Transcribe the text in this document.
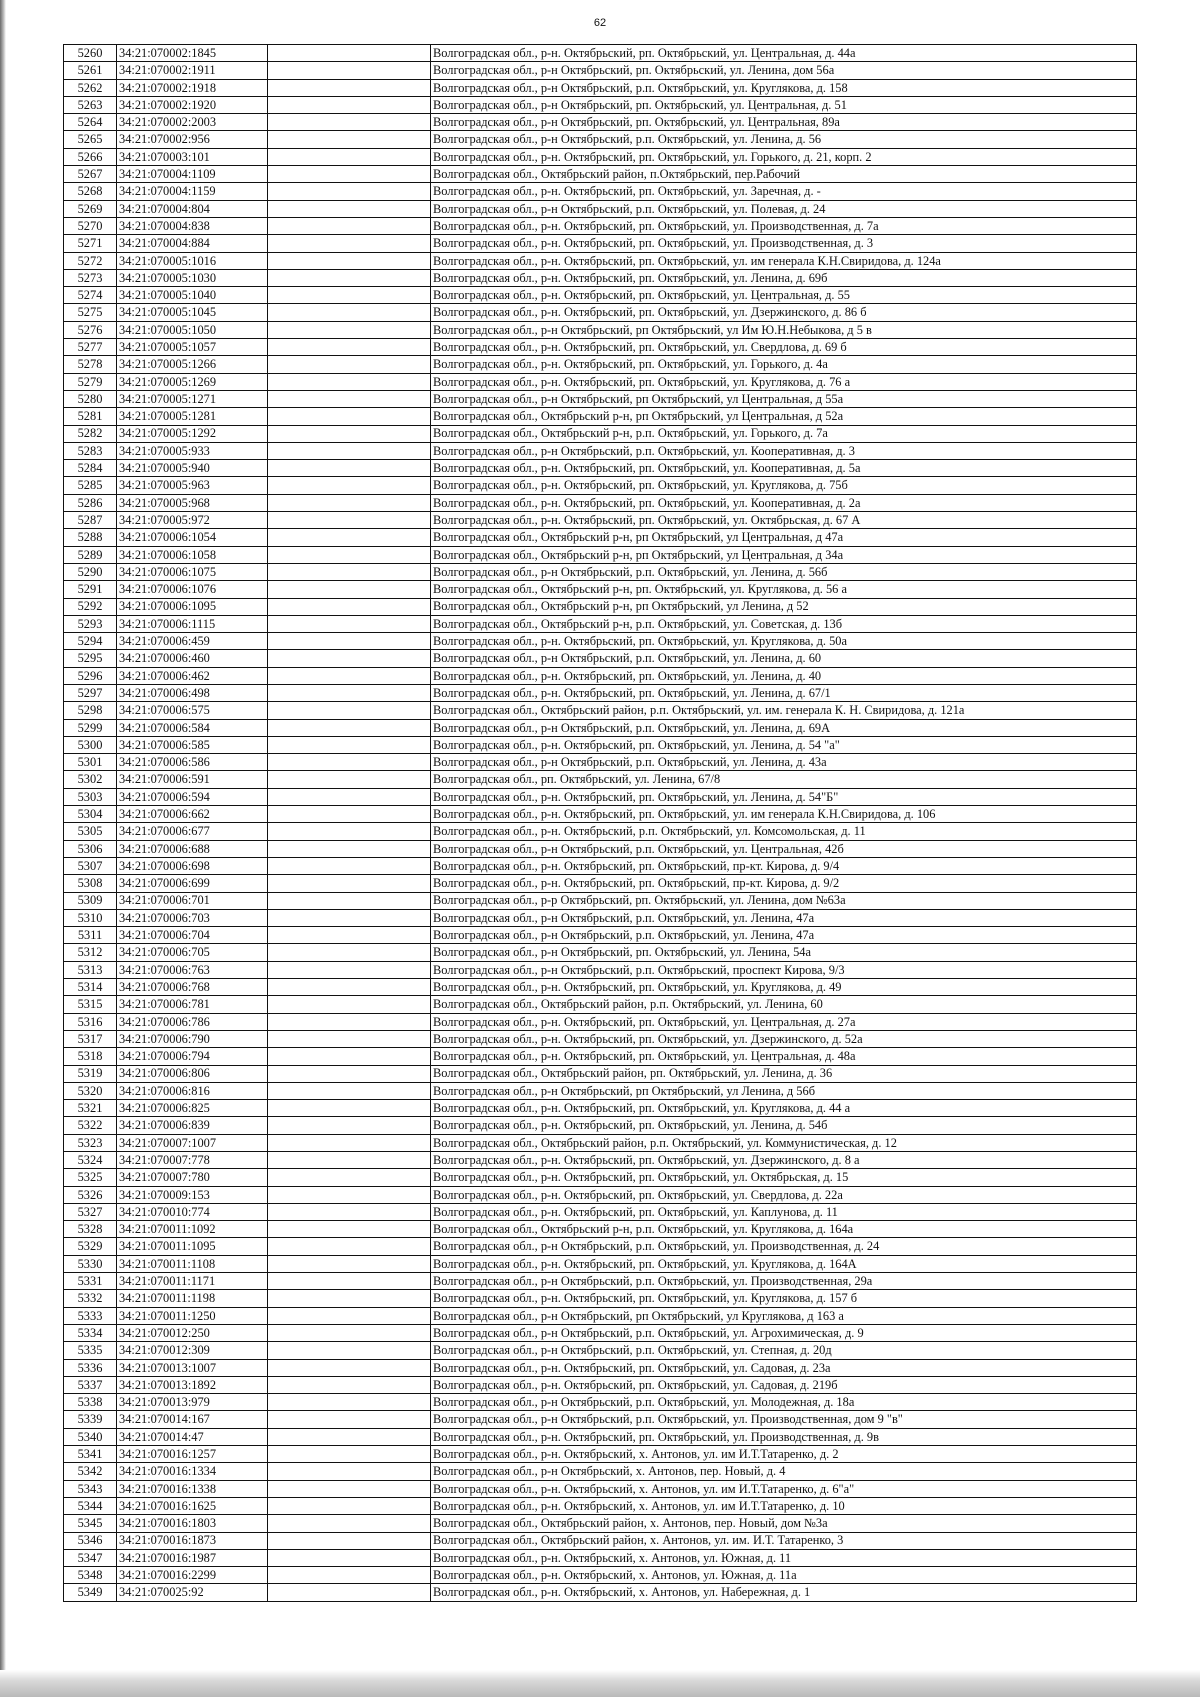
62
5260	34:21:070002:1845		Волгоградская обл., р-н. Октябрьский, рп. Октябрьский, ул. Центральная, д. 44а
5261	34:21:070002:1911		Волгоградская обл., р-н Октябрьский, рп. Октябрьский, ул. Ленина, дом 56а
5262	34:21:070002:1918		Волгоградская обл., р-н Октябрьский, р.п. Октябрьский, ул. Круглякова, д. 158
5263	34:21:070002:1920		Волгоградская обл., р-н Октябрьский, рп. Октябрьский, ул. Центральная, д. 51
5264	34:21:070002:2003		Волгоградская обл., р-н Октябрьский, рп. Октябрьский, ул. Центральная, 89а
5265	34:21:070002:956		Волгоградская обл., р-н Октябрьский, р.п. Октябрьский, ул. Ленина, д. 56
5266	34:21:070003:101		Волгоградская обл., р-н. Октябрьский, рп. Октябрьский, ул. Горького, д. 21, корп. 2
5267	34:21:070004:1109		Волгоградская обл., Октябрьский район, п.Октябрьский, пер.Рабочий
5268	34:21:070004:1159		Волгоградская обл., р-н. Октябрьский, рп. Октябрьский, ул. Заречная, д. -
5269	34:21:070004:804		Волгоградская обл., р-н Октябрьский, р.п. Октябрьский, ул. Полевая, д. 24
5270	34:21:070004:838		Волгоградская обл., р-н. Октябрьский, рп. Октябрьский, ул. Производственная, д. 7а
5271	34:21:070004:884		Волгоградская обл., р-н. Октябрьский, рп. Октябрьский, ул. Производственная, д. 3
5272	34:21:070005:1016		Волгоградская обл., р-н. Октябрьский, рп. Октябрьский, ул. им генерала К.Н.Свиридова, д. 124а
5273	34:21:070005:1030		Волгоградская обл., р-н. Октябрьский, рп. Октябрьский, ул. Ленина, д. 69б
5274	34:21:070005:1040		Волгоградская обл., р-н. Октябрьский, рп. Октябрьский, ул. Центральная, д. 55
5275	34:21:070005:1045		Волгоградская обл., р-н. Октябрьский, рп. Октябрьский, ул. Дзержинского, д. 86 б
5276	34:21:070005:1050		Волгоградская обл., р-н Октябрьский, рп Октябрьский, ул Им Ю.Н.Небыкова, д 5 в
5277	34:21:070005:1057		Волгоградская обл., р-н. Октябрьский, рп. Октябрьский, ул. Свердлова, д. 69 б
5278	34:21:070005:1266		Волгоградская обл., р-н. Октябрьский, рп. Октябрьский, ул. Горького, д. 4а
5279	34:21:070005:1269		Волгоградская обл., р-н. Октябрьский, рп. Октябрьский, ул. Круглякова, д. 76 а
5280	34:21:070005:1271		Волгоградская обл., р-н Октябрьский, рп Октябрьский, ул Центральная, д 55а
5281	34:21:070005:1281		Волгоградская обл., Октябрьский р-н, рп Октябрьский, ул Центральная, д 52а
5282	34:21:070005:1292		Волгоградская обл., Октябрьский р-н, р.п. Октябрьский, ул. Горького, д. 7а
5283	34:21:070005:933		Волгоградская обл., р-н Октябрьский, р.п. Октябрьский, ул. Кооперативная, д. 3
5284	34:21:070005:940		Волгоградская обл., р-н. Октябрьский, рп. Октябрьский, ул. Кооперативная, д. 5а
5285	34:21:070005:963		Волгоградская обл., р-н. Октябрьский, рп. Октябрьский, ул. Круглякова, д. 75б
5286	34:21:070005:968		Волгоградская обл., р-н. Октябрьский, рп. Октябрьский, ул. Кооперативная, д. 2а
5287	34:21:070005:972		Волгоградская обл., р-н. Октябрьский, рп. Октябрьский, ул. Октябрьская, д. 67 А
5288	34:21:070006:1054		Волгоградская обл., Октябрьский р-н, рп Октябрьский, ул Центральная, д 47а
5289	34:21:070006:1058		Волгоградская обл., Октябрьский р-н, рп Октябрьский, ул Центральная, д 34а
5290	34:21:070006:1075		Волгоградская обл., р-н Октябрьский, р.п. Октябрьский, ул. Ленина, д. 56б
5291	34:21:070006:1076		Волгоградская обл., Октябрьский р-н, рп. Октябрьский, ул. Круглякова, д. 56 а
5292	34:21:070006:1095		Волгоградская обл., Октябрьский р-н, рп Октябрьский, ул Ленина, д 52
5293	34:21:070006:1115		Волгоградская обл., Октябрьский р-н, р.п. Октябрьский, ул. Советская, д. 13б
5294	34:21:070006:459		Волгоградская обл., р-н. Октябрьский, рп. Октябрьский, ул. Круглякова, д. 50а
5295	34:21:070006:460		Волгоградская обл., р-н Октябрьский, р.п. Октябрьский, ул. Ленина, д. 60
5296	34:21:070006:462		Волгоградская обл., р-н. Октябрьский, рп. Октябрьский, ул. Ленина, д. 40
5297	34:21:070006:498		Волгоградская обл., р-н. Октябрьский, рп. Октябрьский, ул. Ленина, д. 67/1
5298	34:21:070006:575		Волгоградская обл., Октябрьский район, р.п. Октябрьский, ул. им. генерала К. Н. Свиридова, д. 121а
5299	34:21:070006:584		Волгоградская обл., р-н Октябрьский, р.п. Октябрьский, ул. Ленина, д. 69А
5300	34:21:070006:585		Волгоградская обл., р-н. Октябрьский, рп. Октябрьский, ул. Ленина, д. 54 "а"
5301	34:21:070006:586		Волгоградская обл., р-н Октябрьский, р.п. Октябрьский, ул. Ленина, д. 43а
5302	34:21:070006:591		Волгоградская обл., рп. Октябрьский, ул. Ленина, 67/8
5303	34:21:070006:594		Волгоградская обл., р-н. Октябрьский, рп. Октябрьский, ул. Ленина, д. 54"Б"
5304	34:21:070006:662		Волгоградская обл., р-н. Октябрьский, рп. Октябрьский, ул. им генерала К.Н.Свиридова, д. 106
5305	34:21:070006:677		Волгоградская обл., р-н. Октябрьский, р.п. Октябрьский, ул. Комсомольская, д. 11
5306	34:21:070006:688		Волгоградская обл., р-н Октябрьский, р.п. Октябрьский, ул. Центральная, 42б
5307	34:21:070006:698		Волгоградская обл., р-н. Октябрьский, рп. Октябрьский, пр-кт. Кирова, д. 9/4
5308	34:21:070006:699		Волгоградская обл., р-н. Октябрьский, рп. Октябрьский, пр-кт. Кирова, д. 9/2
5309	34:21:070006:701		Волгоградская обл., р-р Октябрьский, рп. Октябрьский, ул. Ленина, дом №63а
5310	34:21:070006:703		Волгоградская обл., р-н Октябрьский, р.п. Октябрьский, ул. Ленина, 47а
5311	34:21:070006:704		Волгоградская обл., р-н Октябрьский, р.п. Октябрьский, ул. Ленина, 47а
5312	34:21:070006:705		Волгоградская обл., р-н Октябрьский, рп. Октябрьский, ул. Ленина, 54а
5313	34:21:070006:763		Волгоградская обл., р-н Октябрьский, р.п. Октябрьский, проспект Кирова, 9/3
5314	34:21:070006:768		Волгоградская обл., р-н. Октябрьский, рп. Октябрьский, ул. Круглякова, д. 49
5315	34:21:070006:781		Волгоградская обл., Октябрьский район, р.п. Октябрьский, ул. Ленина, 60
5316	34:21:070006:786		Волгоградская обл., р-н. Октябрьский, рп. Октябрьский, ул. Центральная, д. 27а
5317	34:21:070006:790		Волгоградская обл., р-н. Октябрьский, рп. Октябрьский, ул. Дзержинского, д. 52а
5318	34:21:070006:794		Волгоградская обл., р-н. Октябрьский, рп. Октябрьский, ул. Центральная, д. 48а
5319	34:21:070006:806		Волгоградская обл., Октябрьский район, рп. Октябрьский, ул. Ленина, д. 36
5320	34:21:070006:816		Волгоградская обл., р-н Октябрьский, рп Октябрьский, ул Ленина, д 56б
5321	34:21:070006:825		Волгоградская обл., р-н. Октябрьский, рп. Октябрьский, ул. Круглякова, д. 44 а
5322	34:21:070006:839		Волгоградская обл., р-н. Октябрьский, рп. Октябрьский, ул. Ленина, д. 54б
5323	34:21:070007:1007		Волгоградская обл., Октябрьский район, р.п. Октябрьский, ул. Коммунистическая, д. 12
5324	34:21:070007:778		Волгоградская обл., р-н. Октябрьский, рп. Октябрьский, ул. Дзержинского, д. 8 а
5325	34:21:070007:780		Волгоградская обл., р-н. Октябрьский, рп. Октябрьский, ул. Октябрьская, д. 15
5326	34:21:070009:153		Волгоградская обл., р-н. Октябрьский, рп. Октябрьский, ул. Свердлова, д. 22а
5327	34:21:070010:774		Волгоградская обл., р-н. Октябрьский, рп. Октябрьский, ул. Каплунова, д. 11
5328	34:21:070011:1092		Волгоградская обл., Октябрьский р-н, р.п. Октябрьский, ул. Круглякова, д. 164а
5329	34:21:070011:1095		Волгоградская обл., р-н Октябрьский, р.п. Октябрьский, ул. Производственная, д. 24
5330	34:21:070011:1108		Волгоградская обл., р-н. Октябрьский, рп. Октябрьский, ул. Круглякова, д. 164А
5331	34:21:070011:1171		Волгоградская обл., р-н Октябрьский, р.п. Октябрьский, ул. Производственная, 29а
5332	34:21:070011:1198		Волгоградская обл., р-н. Октябрьский, рп. Октябрьский, ул. Круглякова, д. 157 б
5333	34:21:070011:1250		Волгоградская обл., р-н Октябрьский, рп Октябрьский, ул Круглякова, д 163 а
5334	34:21:070012:250		Волгоградская обл., р-н Октябрьский, р.п. Октябрьский, ул. Агрохимическая, д. 9
5335	34:21:070012:309		Волгоградская обл., р-н Октябрьский, р.п. Октябрьский, ул. Степная, д. 20д
5336	34:21:070013:1007		Волгоградская обл., р-н. Октябрьский, рп. Октябрьский, ул. Садовая, д. 23а
5337	34:21:070013:1892		Волгоградская обл., р-н. Октябрьский, рп. Октябрьский, ул. Садовая, д. 219б
5338	34:21:070013:979		Волгоградская обл., р-н Октябрьский, р.п. Октябрьский, ул. Молодежная, д. 18а
5339	34:21:070014:167		Волгоградская обл., р-н Октябрьский, р.п. Октябрьский, ул. Производственная, дом 9 "в"
5340	34:21:070014:47		Волгоградская обл., р-н. Октябрьский, рп. Октябрьский, ул. Производственная, д. 9в
5341	34:21:070016:1257		Волгоградская обл., р-н. Октябрьский, х. Антонов, ул. им И.Т.Татаренко, д. 2
5342	34:21:070016:1334		Волгоградская обл., р-н Октябрьский, х. Антонов, пер. Новый, д. 4
5343	34:21:070016:1338		Волгоградская обл., р-н. Октябрьский, х. Антонов, ул. им И.Т.Татаренко, д. 6"а"
5344	34:21:070016:1625		Волгоградская обл., р-н. Октябрьский, х. Антонов, ул. им И.Т.Татаренко, д. 10
5345	34:21:070016:1803		Волгоградская обл., Октябрьский район, х. Антонов, пер. Новый, дом №3а
5346	34:21:070016:1873		Волгоградская обл., Октябрьский район, х. Антонов, ул. им. И.Т. Татаренко, 3
5347	34:21:070016:1987		Волгоградская обл., р-н. Октябрьский, х. Антонов, ул. Южная, д. 11
5348	34:21:070016:2299		Волгоградская обл., р-н. Октябрьский, х. Антонов, ул. Южная, д. 11а
5349	34:21:070025:92		Волгоградская обл., р-н. Октябрьский, х. Антонов, ул. Набережная, д. 1
